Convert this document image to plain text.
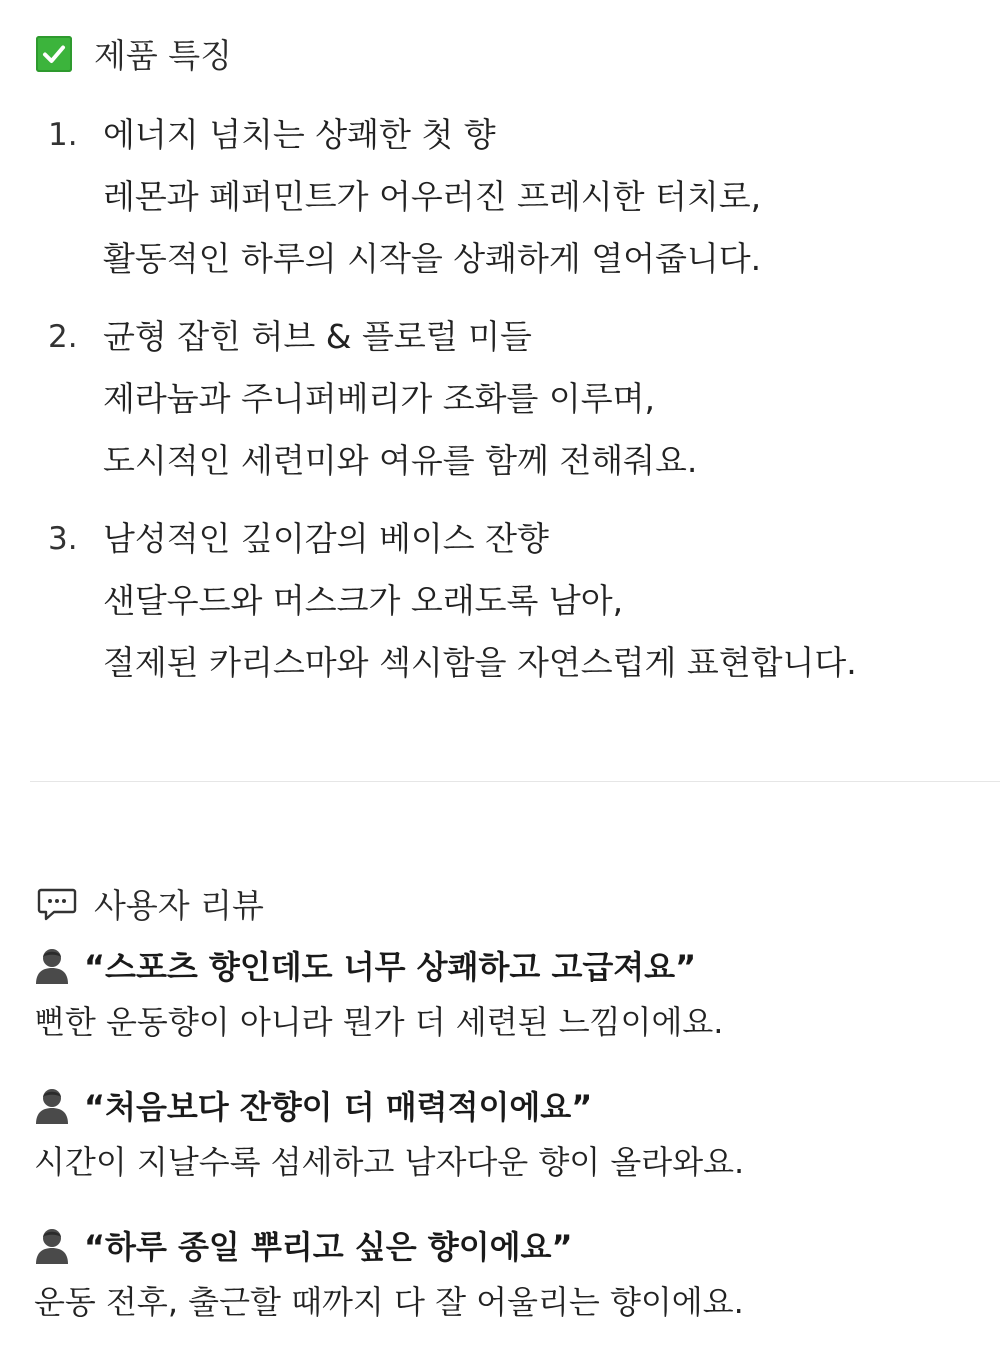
제품 특징
1. 에너지 넘치는 상쾌한 첫 향
레몬과 페퍼민트가 어우러진 프레시한 터치로,
활동적인 하루의 시작을 상쾌하게 열어줍니다.
2. 균형 잡힌 허브 & 플로럴 미들
제라늄과 주니퍼베리가 조화를 이루며,
도시적인 세련미와 여유를 함께 전해줘요.
3. 남성적인 깊이감의 베이스 잔향
샌달우드와 머스크가 오래도록 남아,
절제된 카리스마와 섹시함을 자연스럽게 표현합니다.
사용자 리뷰
“스포츠 향인데도 너무 상쾌하고 고급져요”
뻔한 운동향이 아니라 뭔가 더 세련된 느낌이에요.
“처음보다 잔향이 더 매력적이에요”
시간이 지날수록 섬세하고 남자다운 향이 올라와요.
“하루 종일 뿌리고 싶은 향이에요”
운동 전후, 출근할 때까지 다 잘 어울리는 향이에요.
